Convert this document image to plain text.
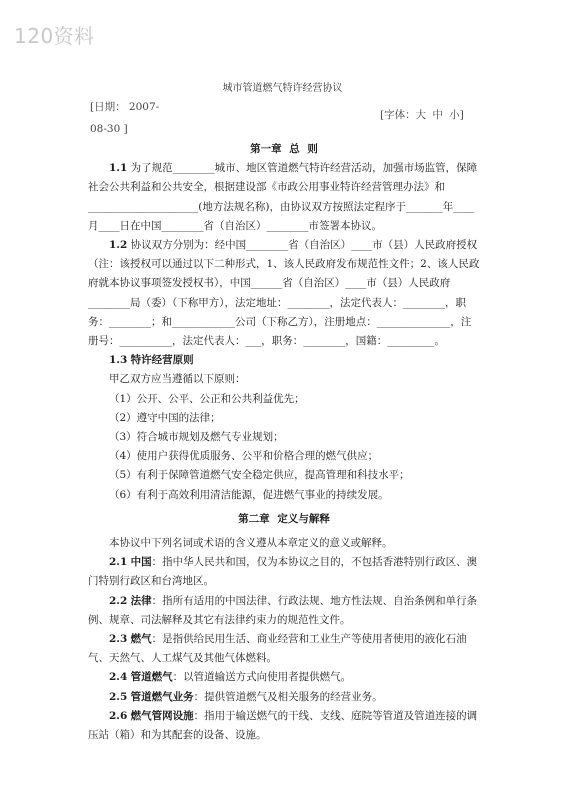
120资料
城市管道燃气特许经营协议
[日期： 2007-
08-30 ]
[字体：大 中 小]

第一章 总 则

1.1 为了规范________城市、地区管道燃气特许经营活动，加强市场监管，保障社会公共利益和公共安全，根据建设部《市政公用事业特许经营管理办法》和_____________________(地方法规名称)，由协议双方按照法定程序于_______年____月____日在中国________省（自治区）________市签署本协议。

1.2 协议双方分别为：经中国________省（自治区）____市（县）人民政府授权（注：该授权可以通过以下二种形式，1、该人民政府发布规范性文件；2、该人民政府就本协议事项签发授权书），中国______省（自治区）____市（县）人民政府________局（委）（下称甲方），法定地址：________，法定代表人：________，职务：________；和____________公司（下称乙方），注册地点：______________，注册号：__________，法定代表人：___，职务：________，国籍：_________。

1.3 特许经营原则

甲乙双方应当遵循以下原则：

（1）公开、公平、公正和公共利益优先；

（2）遵守中国的法律；

（3）符合城市规划及燃气专业规划；

（4）使用户获得优质服务、公平和价格合理的燃气供应；

（5）有利于保障管道燃气安全稳定供应，提高管理和科技水平；

（6）有利于高效利用清洁能源，促进燃气事业的持续发展。

第二章 定义与解释

本协议中下列名词或术语的含义遵从本章定义的意义或解释。

2.1 中国：指中华人民共和国，仅为本协议之目的，不包括香港特别行政区、澳门特别行政区和台湾地区。

2.2 法律：指所有适用的中国法律、行政法规、地方性法规、自治条例和单行条例、规章、司法解释及其它有法律约束力的规范性文件。

2.3 燃气：是指供给民用生活、商业经营和工业生产等使用者使用的液化石油气、天然气、人工煤气及其他气体燃料。

2.4 管道燃气：以管道输送方式向使用者提供燃气。

2.5 管道燃气业务：提供管道燃气及相关服务的经营业务。

2.6 燃气管网设施：指用于输送燃气的干线、支线、庭院等管道及管道连接的调压站（箱）和为其配套的设备、设施。
